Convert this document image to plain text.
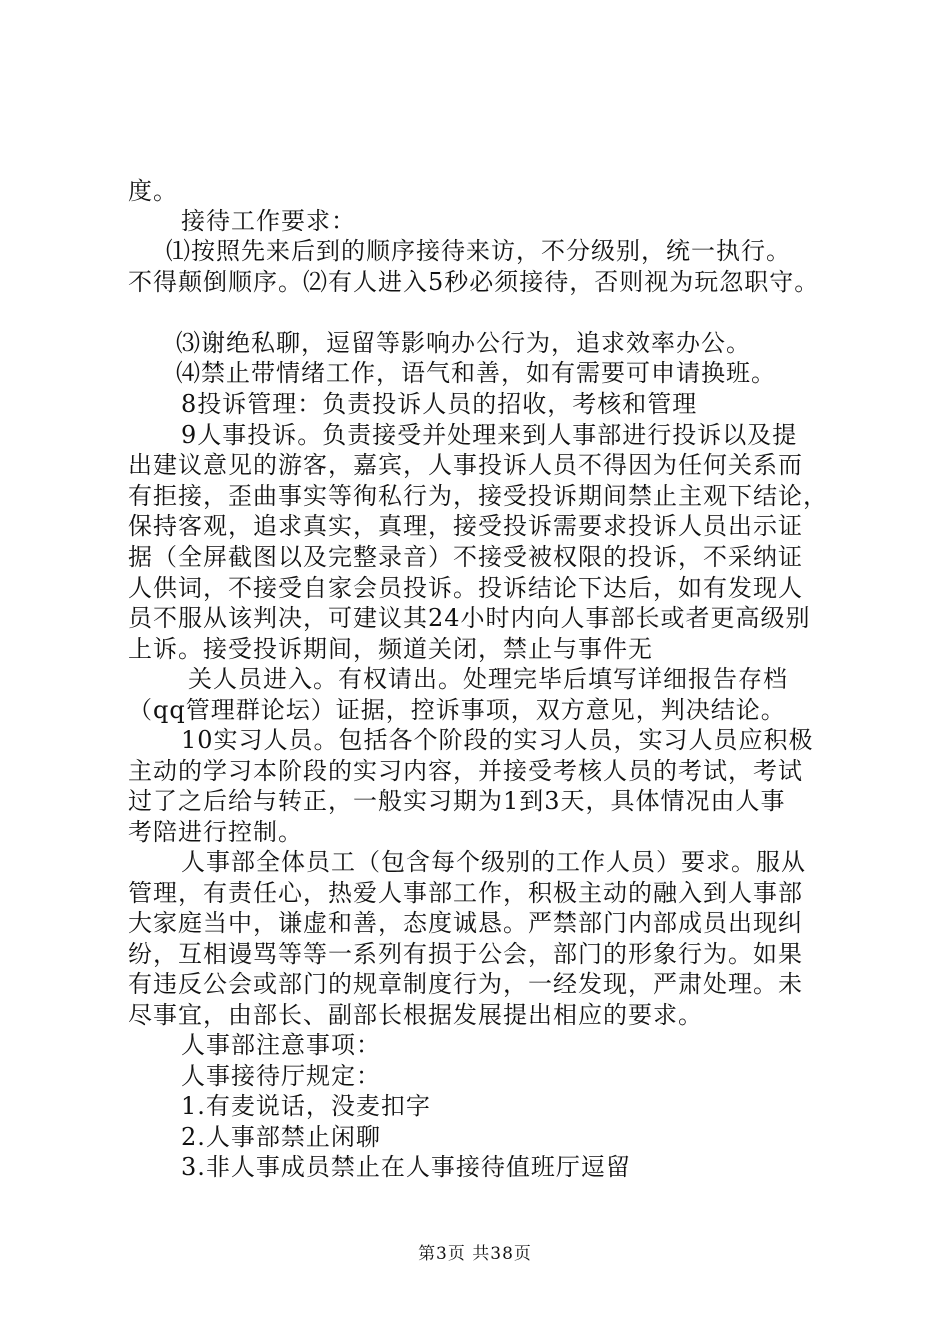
度。
接待工作要求：
⑴按照先来后到的顺序接待来访，不分级别，统一执行。
不得颠倒顺序。⑵有人进入5秒必须接待，否则视为玩忽职守。
⑶谢绝私聊，逗留等影响办公行为，追求效率办公。
⑷禁止带情绪工作，语气和善，如有需要可申请换班。
8投诉管理：负责投诉人员的招收，考核和管理
9人事投诉。负责接受并处理来到人事部进行投诉以及提
出建议意见的游客，嘉宾，人事投诉人员不得因为任何关系而
有拒接，歪曲事实等徇私行为，接受投诉期间禁止主观下结论，
保持客观，追求真实，真理，接受投诉需要求投诉人员出示证
据（全屏截图以及完整录音）不接受被权限的投诉，不采纳证
人供词，不接受自家会员投诉。投诉结论下达后，如有发现人
员不服从该判决，可建议其24小时内向人事部长或者更高级别
上诉。接受投诉期间，频道关闭，禁止与事件无
关人员进入。有权请出。处理完毕后填写详细报告存档
（qq管理群论坛）证据，控诉事项，双方意见，判决结论。
10实习人员。包括各个阶段的实习人员，实习人员应积极
主动的学习本阶段的实习内容，并接受考核人员的考试，考试
过了之后给与转正，一般实习期为1到3天，具体情况由人事
考陪进行控制。
人事部全体员工（包含每个级别的工作人员）要求。服从
管理，有责任心，热爱人事部工作，积极主动的融入到人事部
大家庭当中，谦虚和善，态度诚恳。严禁部门内部成员出现纠
纷，互相谩骂等等一系列有损于公会，部门的形象行为。如果
有违反公会或部门的规章制度行为，一经发现，严肃处理。未
尽事宜，由部长、副部长根据发展提出相应的要求。
人事部注意事项：
人事接待厅规定：
1.有麦说话，没麦扣字
2.人事部禁止闲聊
3.非人事成员禁止在人事接待值班厅逗留
第3页 共38页
